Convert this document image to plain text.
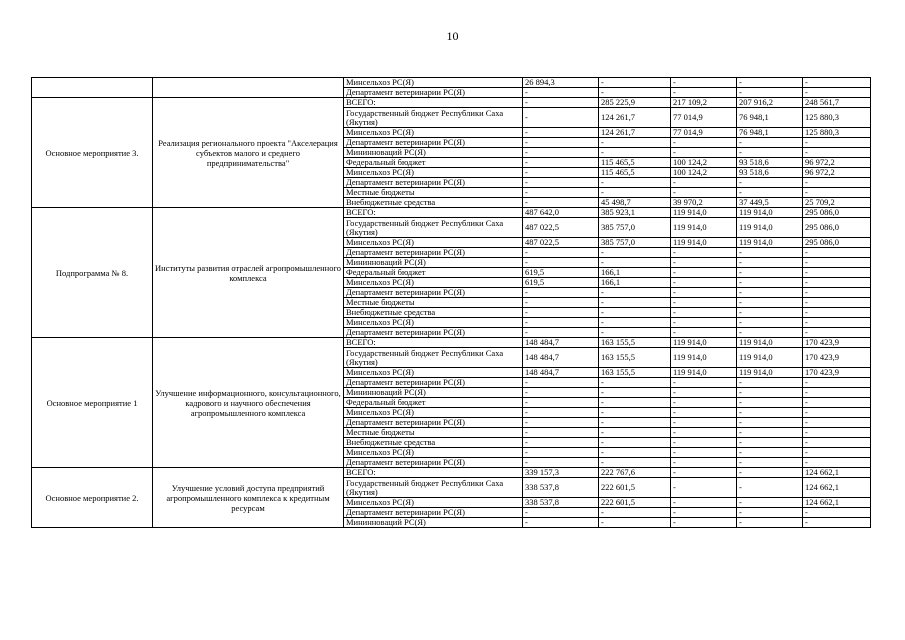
10
		Минсельхоз РС(Я)	26 894,3	-	-	-	-
		Департамент ветеринарии РС(Я)	-	-	-	-	-
Основное мероприятие 3.	Реализация регионального проекта "Акселерация субъектов малого и среднего предпринимательства"	ВСЕГО:	-	285 225,9	217 109,2	207 916,2	248 561,7
		Государственный бюджет Республики Саха (Якутия)	-	124 261,7	77 014,9	76 948,1	125 880,3
		Минсельхоз РС(Я)	-	124 261,7	77 014,9	76 948,1	125 880,3
		Департамент ветеринарии РС(Я)	-	-	-	-	-
		Мининноваций РС(Я)	-	-	-	-	-
		Федеральный бюджет	-	115 465,5	100 124,2	93 518,6	96 972,2
		Минсельхоз РС(Я)	-	115 465,5	100 124,2	93 518,6	96 972,2
		Департамент ветеринарии РС(Я)	-	-	-	-	-
		Местные бюджеты	-	-	-	-	-
		Внебюджетные средства	-	45 498,7	39 970,2	37 449,5	25 709,2
Подпрограмма № 8.	Институты развития отраслей агропромышленного комплекса	ВСЕГО:	487 642,0	385 923,1	119 914,0	119 914,0	295 086,0
		Государственный бюджет Республики Саха (Якутия)	487 022,5	385 757,0	119 914,0	119 914,0	295 086,0
		Минсельхоз РС(Я)	487 022,5	385 757,0	119 914,0	119 914,0	295 086,0
		Департамент ветеринарии РС(Я)	-	-	-	-	-
		Мининноваций РС(Я)	-	-	-	-	-
		Федеральный бюджет	619,5	166,1	-	-	-
		Минсельхоз РС(Я)	619,5	166,1	-	-	-
		Департамент ветеринарии РС(Я)	-	-	-	-	-
		Местные бюджеты	-	-	-	-	-
		Внебюджетные средства	-	-	-	-	-
		Минсельхоз РС(Я)	-	-	-	-	-
		Департамент ветеринарии РС(Я)	-	-	-	-	-
Основное мероприятие 1	Улучшение информационного, консультационного, кадрового и научного обеспечения агропромышленного комплекса	ВСЕГО:	148 484,7	163 155,5	119 914,0	119 914,0	170 423,9
		Государственный бюджет Республики Саха (Якутия)	148 484,7	163 155,5	119 914,0	119 914,0	170 423,9
		Минсельхоз РС(Я)	148 484,7	163 155,5	119 914,0	119 914,0	170 423,9
		Департамент ветеринарии РС(Я)	-	-	-	-	-
		Мининноваций РС(Я)	-	-	-	-	-
		Федеральный бюджет	-	-	-	-	-
		Минсельхоз РС(Я)	-	-	-	-	-
		Департамент ветеринарии РС(Я)	-	-	-	-	-
		Местные бюджеты	-	-	-	-	-
		Внебюджетные средства	-	-	-	-	-
		Минсельхоз РС(Я)	-	-	-	-	-
		Департамент ветеринарии РС(Я)	-	-	-	-	-
Основное мероприятие 2.	Улучшение условий доступа предприятий агропромышленного комплекса к кредитным ресурсам	ВСЕГО:	339 157,3	222 767,6	-	-	124 662,1
		Государственный бюджет Республики Саха (Якутия)	338 537,8	222 601,5	-	-	124 662,1
		Минсельхоз РС(Я)	338 537,8	222 601,5	-	-	124 662,1
		Департамент ветеринарии РС(Я)	-	-	-	-	-
		Мининноваций РС(Я)	-	-	-	-	-
